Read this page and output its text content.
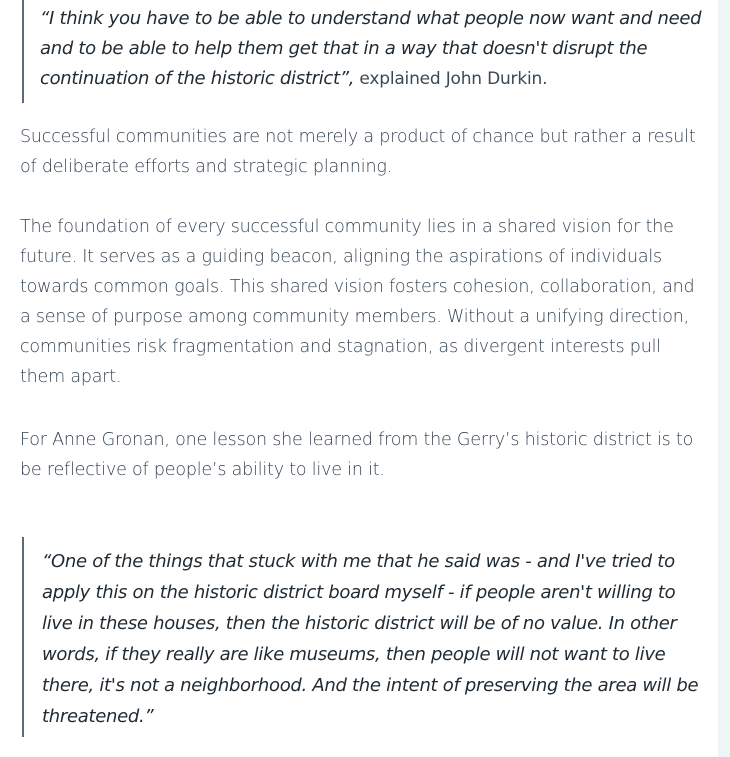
“I think you have to be able to understand what people now want and need and to be able to help them get that in a way that doesn't disrupt the continuation of the historic district”, explained John Durkin.

Successful communities are not merely a product of chance but rather a result of deliberate efforts and strategic planning.

The foundation of every successful community lies in a shared vision for the future. It serves as a guiding beacon, aligning the aspirations of individuals towards common goals. This shared vision fosters cohesion, collaboration, and a sense of purpose among community members. Without a unifying direction, communities risk fragmentation and stagnation, as divergent interests pull them apart.

For Anne Gronan, one lesson she learned from the Gerry’s historic district is to be reflective of people’s ability to live in it.

“One of the things that stuck with me that he said was - and I've tried to apply this on the historic district board myself - if people aren't willing to live in these houses, then the historic district will be of no value. In other words, if they really are like museums, then people will not want to live there, it's not a neighborhood. And the intent of preserving the area will be threatened.”
